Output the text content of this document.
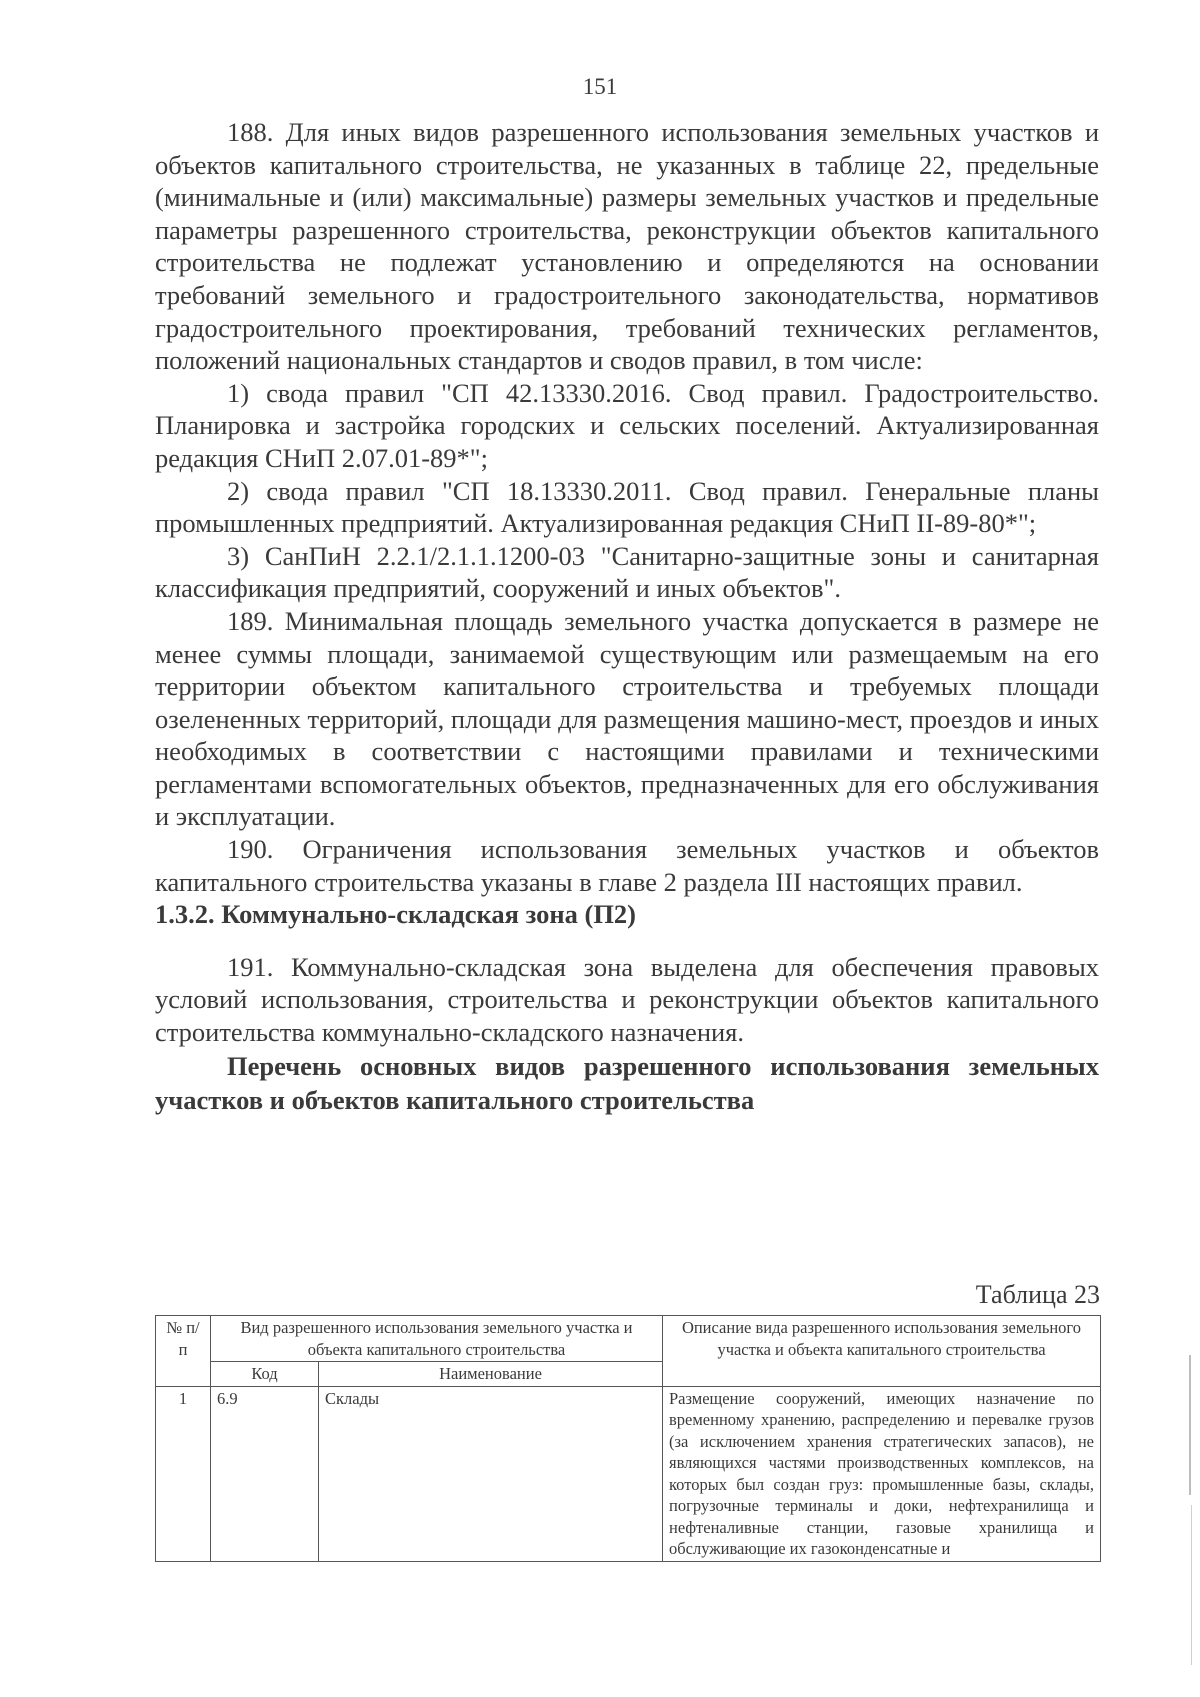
151

188. Для иных видов разрешенного использования земельных участков и объектов капитального строительства, не указанных в таблице 22, предельные (минимальные и (или) максимальные) размеры земельных участков и предельные параметры разрешенного строительства, реконструкции объектов капитального строительства не подлежат установлению и определяются на основании требований земельного и градостроительного законодательства, нормативов градостроительного проектирования, требований технических регламентов, положений национальных стандартов и сводов правил, в том числе:

1) свода правил "СП 42.13330.2016. Свод правил. Градостроительство. Планировка и застройка городских и сельских поселений. Актуализированная редакция СНиП 2.07.01-89*";

2) свода правил "СП 18.13330.2011. Свод правил. Генеральные планы промышленных предприятий. Актуализированная редакция СНиП II-89-80*";

3) СанПиН 2.2.1/2.1.1.1200-03 "Санитарно-защитные зоны и санитарная классификация предприятий, сооружений и иных объектов".

189. Минимальная площадь земельного участка допускается в размере не менее суммы площади, занимаемой существующим или размещаемым на его территории объектом капитального строительства и требуемых площади озелененных территорий, площади для размещения машино-мест, проездов и иных необходимых в соответствии с настоящими правилами и техническими регламентами вспомогательных объектов, предназначенных для его обслуживания и эксплуатации.

190. Ограничения использования земельных участков и объектов капитального строительства указаны в главе 2 раздела III настоящих правил.

1.3.2. Коммунально-складская зона (П2)

191. Коммунально-складская зона выделена для обеспечения правовых условий использования, строительства и реконструкции объектов капитального строительства коммунально-складского назначения.

Перечень основных видов разрешенного использования земельных участков и объектов капитального строительства

Таблица 23
№ п/п	Вид разрешенного использования земельного участка и объекта капитального строительства		Описание вида разрешенного использования земельного участка и объекта капитального строительства
	Код	Наименование	
1	6.9	Склады	Размещение сооружений, имеющих назначение по временному хранению, распределению и перевалке грузов (за исключением хранения стратегических запасов), не являющихся частями производственных комплексов, на которых был создан груз: промышленные базы, склады, погрузочные терминалы и доки, нефтехранилища и нефтеналивные станции, газовые хранилища и обслуживающие их газоконденсатные и
